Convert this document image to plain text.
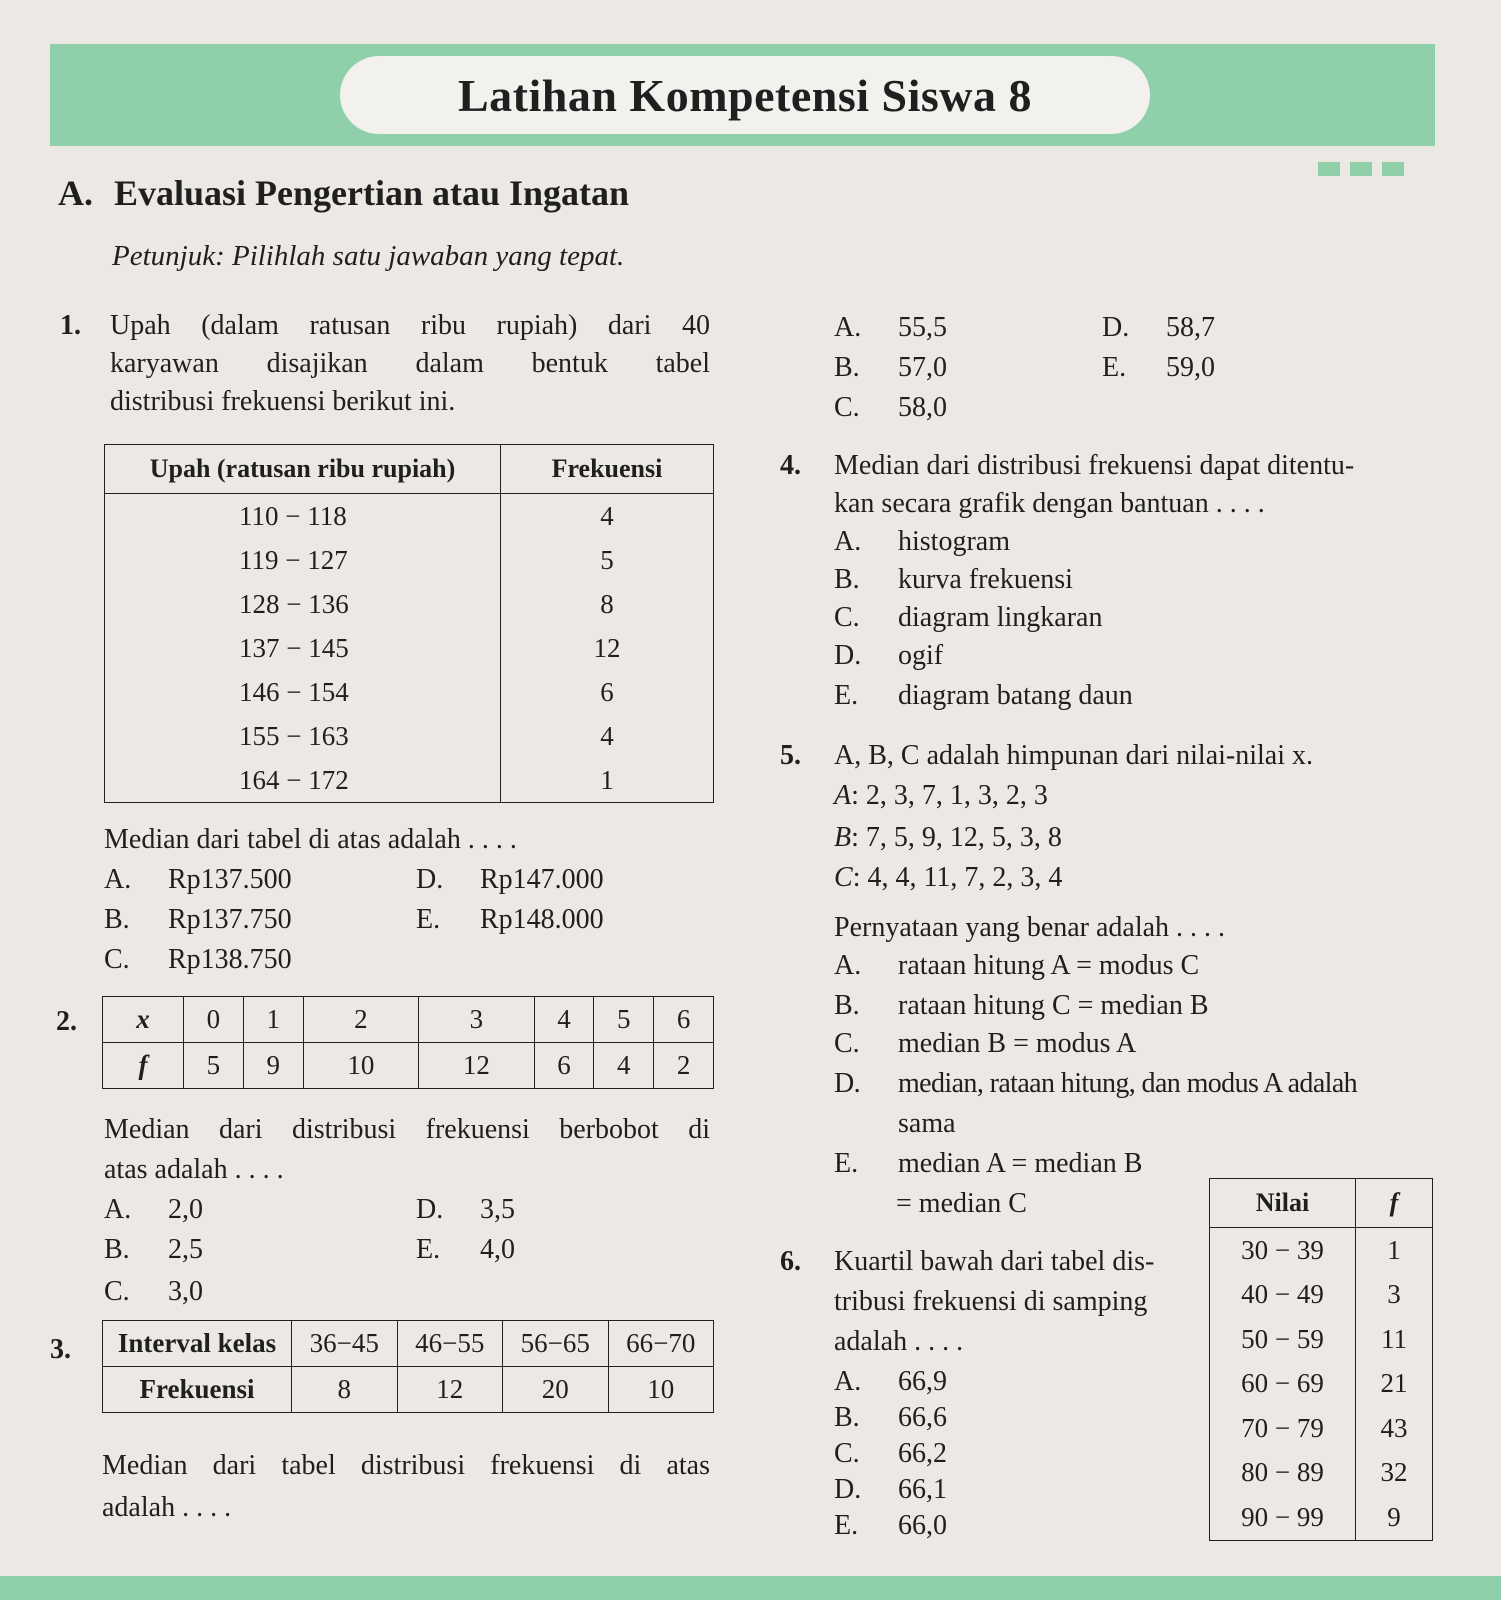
Latihan Kompetensi Siswa 8
A. Evaluasi Pengertian atau Ingatan
Petunjuk: Pilihlah satu jawaban yang tepat.
1. Upah (dalam ratusan ribu rupiah) dari 40
karyawan disajikan dalam bentuk tabel
distribusi frekuensi berikut ini.
Upah (ratusan ribu rupiah)	Frekuensi
110 − 118	4
119 − 127	5
128 − 136	8
137 − 145	12
146 − 154	6
155 − 163	4
164 − 172	1
Median dari tabel di atas adalah . . . .
A. Rp137.500
B. Rp137.750
C. Rp138.750
D. Rp147.000
E. Rp148.000
2. x	0	1	2	3	4	5	6
f	5	9	10	12	6	4	2
Median dari distribusi frekuensi berbobot di
atas adalah . . . .
A. 2,0
B. 2,5
C. 3,0
D. 3,5
E. 4,0
3. Interval kelas	36−45	46−55	56−65	66−70
Frekuensi	8	12	20	10
Median dari tabel distribusi frekuensi di atas
adalah . . . .
A. 55,5
B. 57,0
C. 58,0
D. 58,7
E. 59,0
4. Median dari distribusi frekuensi dapat ditentu-
kan secara grafik dengan bantuan . . . .
A. histogram
B. kurva frekuensi
C. diagram lingkaran
D. ogif
E. diagram batang daun
5. A, B, C adalah himpunan dari nilai-nilai x.
A: 2, 3, 7, 1, 3, 2, 3
B: 7, 5, 9, 12, 5, 3, 8
C: 4, 4, 11, 7, 2, 3, 4
Pernyataan yang benar adalah . . . .
A. rataan hitung A = modus C
B. rataan hitung C = median B
C. median B = modus A
D. median, rataan hitung, dan modus A adalah
sama
E. median A = median B
= median C
6. Kuartil bawah dari tabel dis-
tribusi frekuensi di samping
adalah . . . .
A. 66,9
B. 66,6
C. 66,2
D. 66,1
E. 66,0
Nilai	f
30 − 39	1
40 − 49	3
50 − 59	11
60 − 69	21
70 − 79	43
80 − 89	32
90 − 99	9
